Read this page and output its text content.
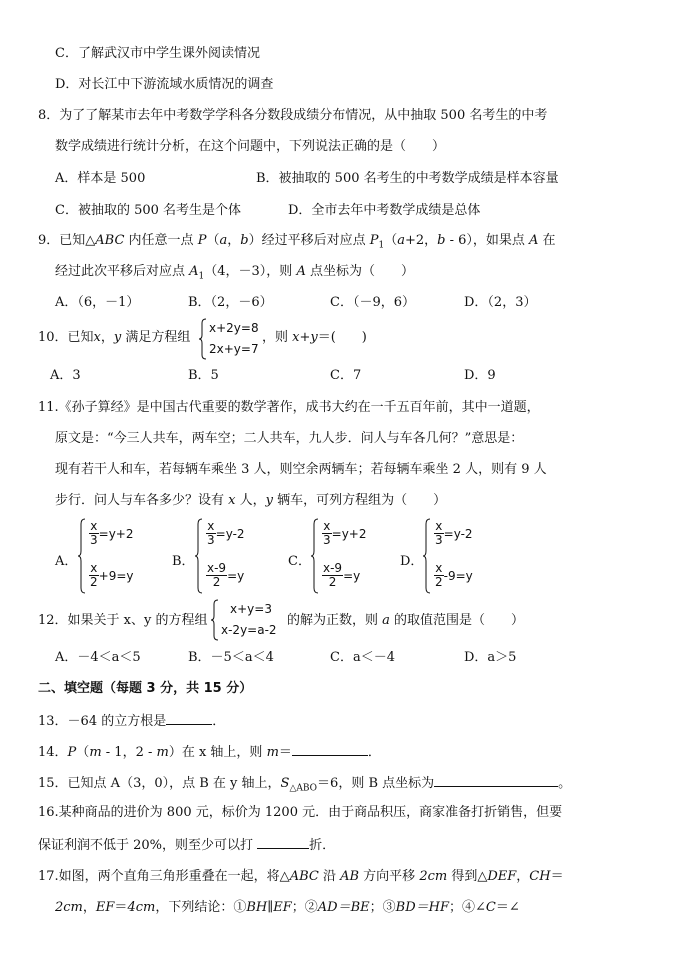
C．了解武汉市中学生课外阅读情况
D．对长江中下游流域水质情况的调查
8．为了了解某市去年中考数学学科各分数段成绩分布情况，从中抽取 500 名考生的中考
数学成绩进行统计分析，在这个问题中，下列说法正确的是（　　）
A．样本是 500	B．被抽取的 500 名考生的中考数学成绩是样本容量
C．被抽取的 500 名考生是个体	D．全市去年中考数学成绩是总体
9．已知△ABC 内任意一点 P（a，b）经过平移后对应点 $P_1(a+2$，b - 6），如果点 A 在
经过此次平移后对应点 $A_1(4$，－3），则 A 点坐标为（　　）
A．（6，－1）	B．（2，－6）	C．（－9，6）	D．（2，3）
10．已知x，y 满足方程组
x+2y=8
2x+y=7
，则 x+y＝(　　)
A．3	B．5	C．7	D．9
11.《孙子算经》是中国古代重要的数学著作，成书大约在一千五百年前，其中一道题，
原文是：“今三人共车，两车空；二人共车，九人步．问人与车各几何？”意思是：
现有若干人和车，若每辆车乘坐 3 人，则空余两辆车；若每辆车乘坐 2 人，则有 9 人
步行．问人与车各多少？设有 x 人，y 辆车，可列方程组为（　　）
A．
$\frac{x}{3} =y+2$
$\frac{x}{2} +9=y$
B．
$\frac{x}{3} =y-2$
$\frac{x-9}{2} =y$
C．
$\frac{x}{3} =y+2$
$\frac{x-9}{2} =y$
D．
$\frac{x}{3} =y-2$
$\frac{x}{2} -9=y$
12．如果关于 x、y 的方程组
x+y=3
x-2y=a-2
的解为正数，则 a 的取值范围是（　　）
A．－4＜a＜5	B．－5＜a＜4	C．a＜－4	D．a＞5
二、填空题（每题 3 分，共 15 分）
13．－64 的立方根是	．
14．P（m - 1，2 - m）在 x 轴上，则 m＝	．
15．已知点 A（3，0），点 B 在 y 轴上，$S_{\triangle ABO}=6$，则 B 点坐标为	。
16.某种商品的进价为 800 元，标价为 1200 元．由于商品积压，商家准备打折销售，但要
保证利润不低于 20%，则至少可以打	折．
17.如图，两个直角三角形重叠在一起，将△ABC 沿 AB 方向平移 2cm 得到△DEF，CH＝
2cm，EF＝4cm，下列结论：①BH∥EF；②AD＝BE；③BD＝HF；④∠C＝∠
